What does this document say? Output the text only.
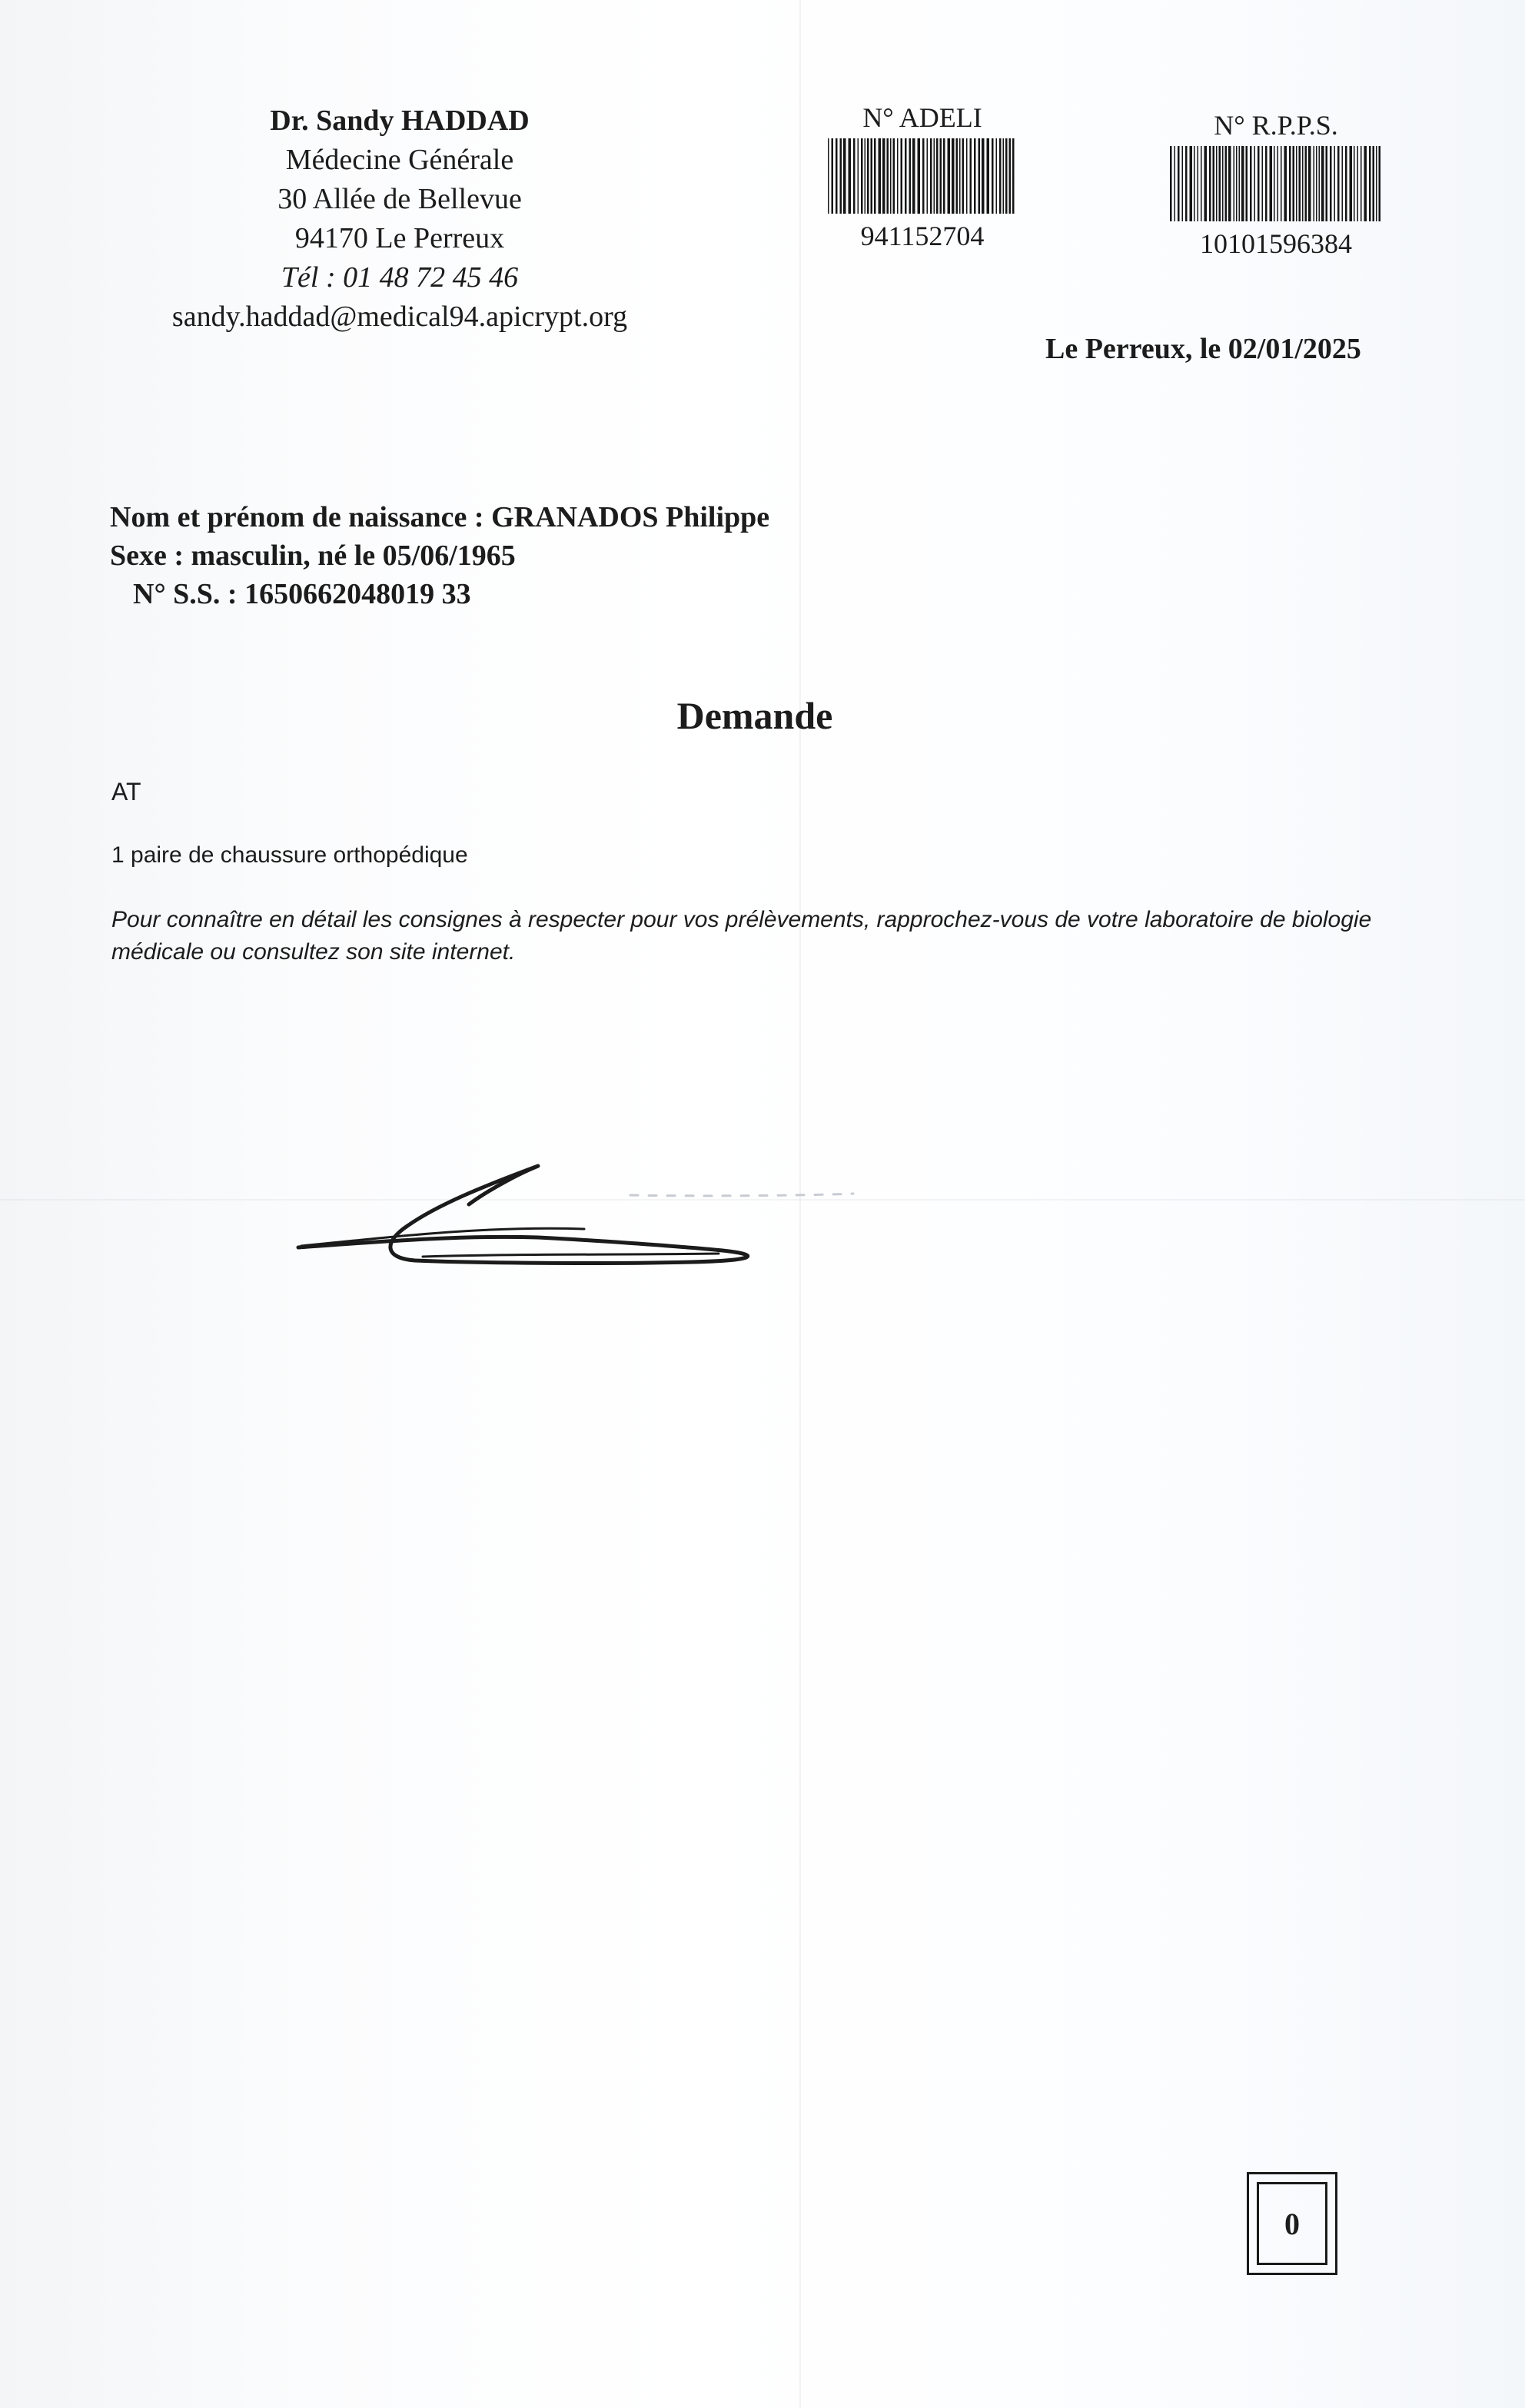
Dr. Sandy HADDAD
Médecine Générale
30 Allée de Bellevue
94170 Le Perreux
Tél : 01 48 72 45 46
sandy.haddad@medical94.apicrypt.org
N° ADELI
941152704
N° R.P.P.S.
10101596384
Le Perreux, le 02/01/2025
Nom et prénom de naissance : GRANADOS Philippe
Sexe : masculin, né le 05/06/1965
N° S.S. : 1650662048019 33
Demande
AT
1 paire de chaussure orthopédique
Pour connaître en détail les consignes à respecter pour vos prélèvements, rapprochez-vous de votre laboratoire de biologie médicale ou consultez son site internet.
0
